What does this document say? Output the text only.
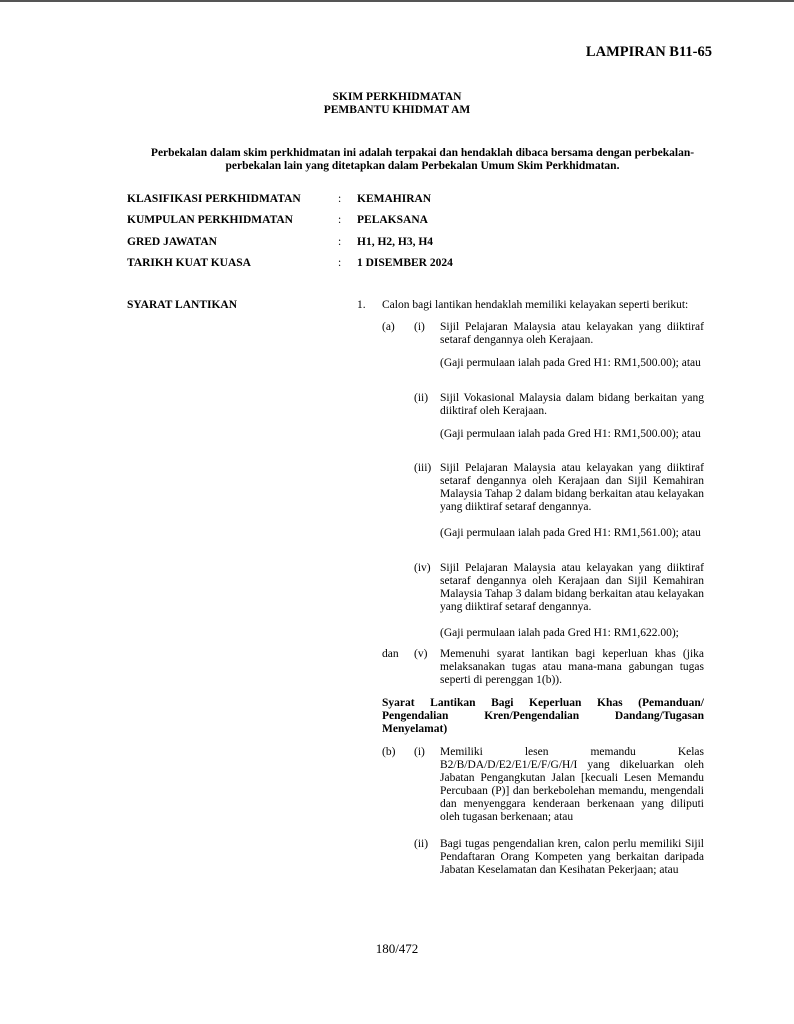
LAMPIRAN B11-65
SKIM PERKHIDMATAN
PEMBANTU KHIDMAT AM
Perbekalan dalam skim perkhidmatan ini adalah terpakai dan hendaklah dibaca bersama dengan perbekalan-perbekalan lain yang ditetapkan dalam Perbekalan Umum Skim Perkhidmatan.
KLASIFIKASI PERKHIDMATAN	: KEMAHIRAN
KUMPULAN PERKHIDMATAN	: PELAKSANA
GRED JAWATAN	: H1, H2, H3, H4
TARIKH KUAT KUASA	: 1 DISEMBER 2024
SYARAT LANTIKAN	1. Calon bagi lantikan hendaklah memiliki kelayakan seperti berikut:
(a) (i) Sijil Pelajaran Malaysia atau kelayakan yang diiktiraf setaraf dengannya oleh Kerajaan.
(Gaji permulaan ialah pada Gred H1: RM1,500.00); atau
(ii) Sijil Vokasional Malaysia dalam bidang berkaitan yang diiktiraf oleh Kerajaan.
(Gaji permulaan ialah pada Gred H1: RM1,500.00); atau
(iii) Sijil Pelajaran Malaysia atau kelayakan yang diiktiraf setaraf dengannya oleh Kerajaan dan Sijil Kemahiran Malaysia Tahap 2 dalam bidang berkaitan atau kelayakan yang diiktiraf setaraf dengannya.
(Gaji permulaan ialah pada Gred H1: RM1,561.00); atau
(iv) Sijil Pelajaran Malaysia atau kelayakan yang diiktiraf setaraf dengannya oleh Kerajaan dan Sijil Kemahiran Malaysia Tahap 3 dalam bidang berkaitan atau kelayakan yang diiktiraf setaraf dengannya.
(Gaji permulaan ialah pada Gred H1: RM1,622.00);
dan (v) Memenuhi syarat lantikan bagi keperluan khas (jika melaksanakan tugas atau mana-mana gabungan tugas seperti di perenggan 1(b)).
Syarat Lantikan Bagi Keperluan Khas (Pemanduan/ Pengendalian Kren/Pengendalian Dandang/Tugasan Menyelamat)
(b) (i) Memiliki lesen memandu Kelas B2/B/DA/D/E2/E1/E/F/G/H/I yang dikeluarkan oleh Jabatan Pengangkutan Jalan [kecuali Lesen Memandu Percubaan (P)] dan berkebolehan memandu, mengendali dan menyenggara kenderaan berkenaan yang diliputi oleh tugasan berkenaan; atau
(ii) Bagi tugas pengendalian kren, calon perlu memiliki Sijil Pendaftaran Orang Kompeten yang berkaitan daripada Jabatan Keselamatan dan Kesihatan Pekerjaan; atau
180/472
